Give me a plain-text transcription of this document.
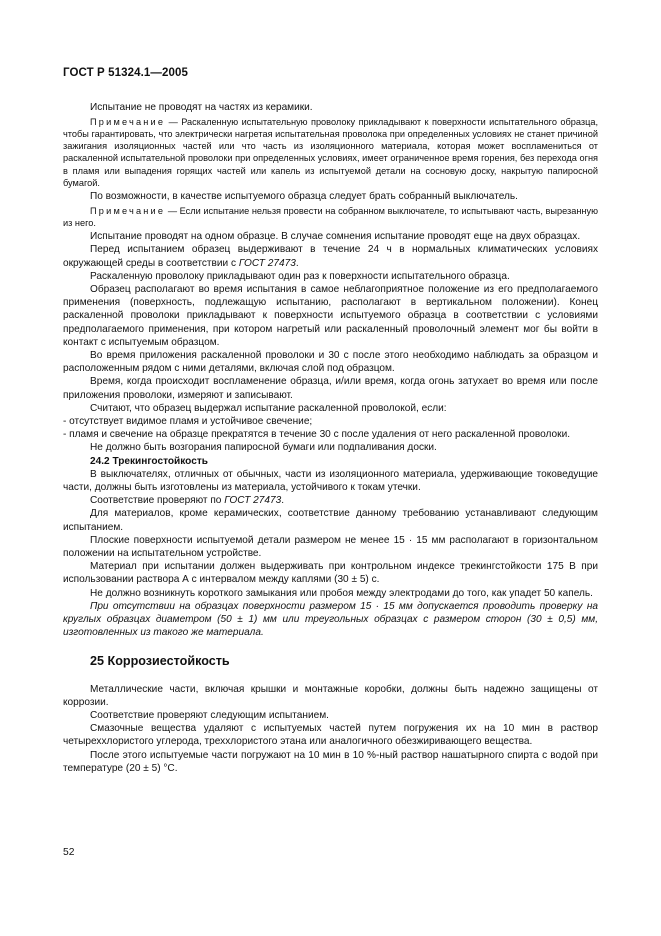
ГОСТ Р 51324.1—2005

Испытание не проводят на частях из керамики.

Примечание — Раскаленную испытательную проволоку прикладывают к поверхности испытательного образца, чтобы гарантировать, что электрически нагретая испытательная проволока при определенных условиях не станет причиной зажигания изоляционных частей или что часть из изоляционного материала, которая может воспламениться от раскаленной испытательной проволоки при определенных условиях, имеет ограниченное время горения, без перехода огня в пламя или выпадения горящих частей или капель из испытуемой детали на сосновую доску, накрытую папиросной бумагой.

По возможности, в качестве испытуемого образца следует брать собранный выключатель.

Примечание — Если испытание нельзя провести на собранном выключателе, то испытывают часть, вырезанную из него.

Испытание проводят на одном образце. В случае сомнения испытание проводят еще на двух образцах.

Перед испытанием образец выдерживают в течение 24 ч в нормальных климатических условиях окружающей среды в соответствии с ГОСТ 27473.

Раскаленную проволоку прикладывают один раз к поверхности испытательного образца.

Образец располагают во время испытания в самое неблагоприятное положение из его предполагаемого применения (поверхность, подлежащую испытанию, располагают в вертикальном положении). Конец раскаленной проволоки прикладывают к поверхности испытуемого образца в соответствии с условиями предполагаемого применения, при котором нагретый или раскаленный проволочный элемент мог бы войти в контакт с испытуемым образцом.

Во время приложения раскаленной проволоки и 30 с после этого необходимо наблюдать за образцом и расположенным рядом с ними деталями, включая слой под образцом.

Время, когда происходит воспламенение образца, и/или время, когда огонь затухает во время или после приложения проволоки, измеряют и записывают.

Считают, что образец выдержал испытание раскаленной проволокой, если:

- отсутствует видимое пламя и устойчивое свечение;

- пламя и свечение на образце прекратятся в течение 30 с после удаления от него раскаленной проволоки.

Не должно быть возгорания папиросной бумаги или подпаливания доски.

24.2 Трекингостойкость

В выключателях, отличных от обычных, части из изоляционного материала, удерживающие токоведущие части, должны быть изготовлены из материала, устойчивого к токам утечки.

Соответствие проверяют по ГОСТ 27473.

Для материалов, кроме керамических, соответствие данному требованию устанавливают следующим испытанием.

Плоские поверхности испытуемой детали размером не менее 15 · 15 мм располагают в горизонтальном положении на испытательном устройстве.

Материал при испытании должен выдерживать при контрольном индексе трекингстойкости 175 В при использовании раствора А с интервалом между каплями (30 ± 5) с.

Не должно возникнуть короткого замыкания или пробоя между электродами до того, как упадет 50 капель.

При отсутствии на образцах поверхности размером 15 · 15 мм допускается проводить проверку на круглых образцах диаметром (50 ± 1) мм или треугольных образцах с размером сторон (30 ± 0,5) мм, изготовленных из такого же материала.

25 Коррозиестойкость

Металлические части, включая крышки и монтажные коробки, должны быть надежно защищены от коррозии.

Соответствие проверяют следующим испытанием.

Смазочные вещества удаляют с испытуемых частей путем погружения их на 10 мин в раствор четыреххлористого углерода, трехxлористого этана или аналогичного обезжиривающего вещества.

После этого испытуемые части погружают на 10 мин в 10 %-ный раствор нашатырного спирта с водой при температуре (20 ± 5) °С.

52
